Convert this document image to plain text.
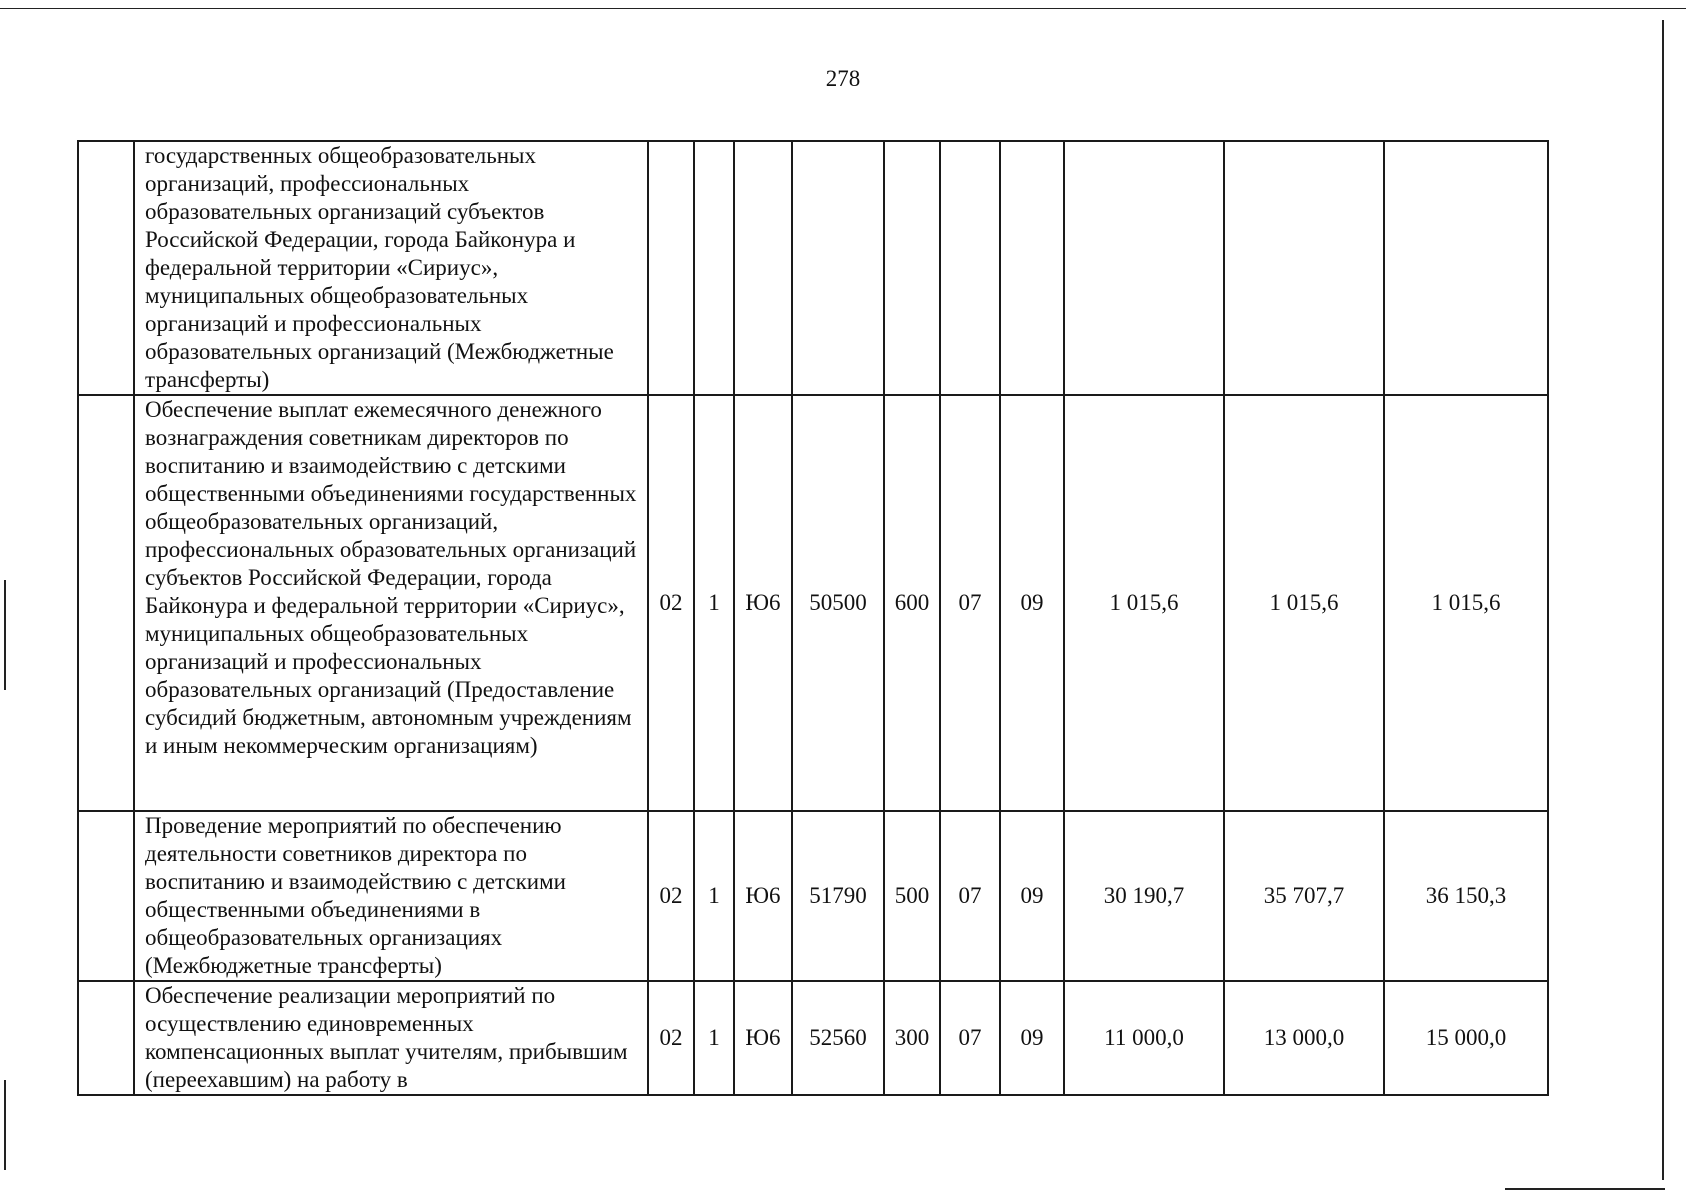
278
	государственных общеобразовательных организаций, профессиональных образовательных организаций субъектов Российской Федерации, города Байконура и федеральной территории «Сириус», муниципальных общеобразовательных организаций и профессиональных образовательных организаций (Межбюджетные трансферты)										
	Обеспечение выплат ежемесячного денежного вознаграждения советникам директоров по воспитанию и взаимодействию с детскими общественными объединениями государственных общеобразовательных организаций, профессиональных образовательных организаций субъектов Российской Федерации, города Байконура и федеральной территории «Сириус», муниципальных общеобразовательных организаций и профессиональных образовательных организаций (Предоставление субсидий бюджетным, автономным учреждениям и иным некоммерческим организациям)	02	1	Ю6	50500	600	07	09	1 015,6	1 015,6	1 015,6
	Проведение мероприятий по обеспечению деятельности советников директора по воспитанию и взаимодействию с детскими общественными объединениями в общеобразовательных организациях (Межбюджетные трансферты)	02	1	Ю6	51790	500	07	09	30 190,7	35 707,7	36 150,3
	Обеспечение реализации мероприятий по осуществлению единовременных компенсационных выплат учителям, прибывшим (переехавшим) на работу в	02	1	Ю6	52560	300	07	09	11 000,0	13 000,0	15 000,0
